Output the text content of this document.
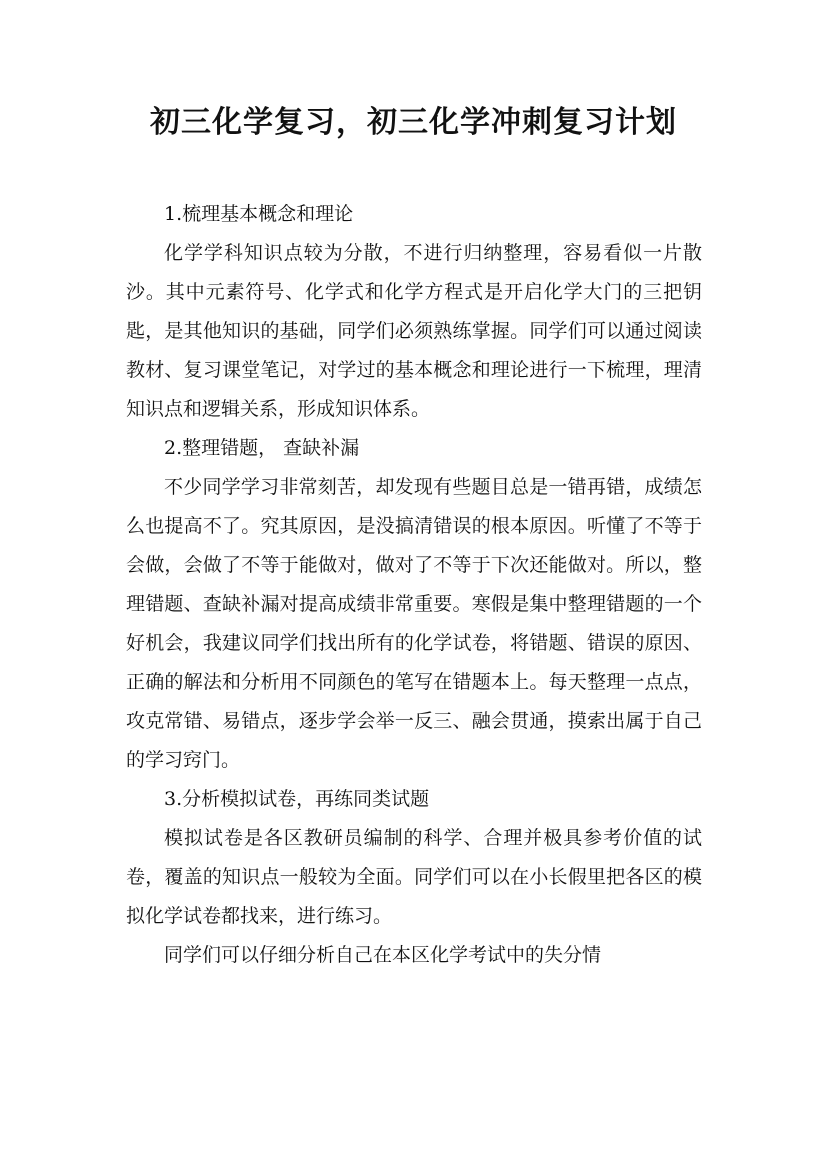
初三化学复习，初三化学冲刺复习计划

1.梳理基本概念和理论

化学学科知识点较为分散，不进行归纳整理，容易看似一片散沙。其中元素符号、化学式和化学方程式是开启化学大门的三把钥匙，是其他知识的基础，同学们必须熟练掌握。同学们可以通过阅读教材、复习课堂笔记，对学过的基本概念和理论进行一下梳理，理清知识点和逻辑关系，形成知识体系。

2.整理错题， 查缺补漏

不少同学学习非常刻苦，却发现有些题目总是一错再错，成绩怎么也提高不了。究其原因，是没搞清错误的根本原因。听懂了不等于会做，会做了不等于能做对，做对了不等于下次还能做对。所以，整理错题、查缺补漏对提高成绩非常重要。寒假是集中整理错题的一个好机会，我建议同学们找出所有的化学试卷，将错题、错误的原因、正确的解法和分析用不同颜色的笔写在错题本上。每天整理一点点，攻克常错、易错点，逐步学会举一反三、融会贯通，摸索出属于自己的学习窍门。

3.分析模拟试卷，再练同类试题

模拟试卷是各区教研员编制的科学、合理并极具参考价值的试卷，覆盖的知识点一般较为全面。同学们可以在小长假里把各区的模拟化学试卷都找来，进行练习。

同学们可以仔细分析自己在本区化学考试中的失分情
